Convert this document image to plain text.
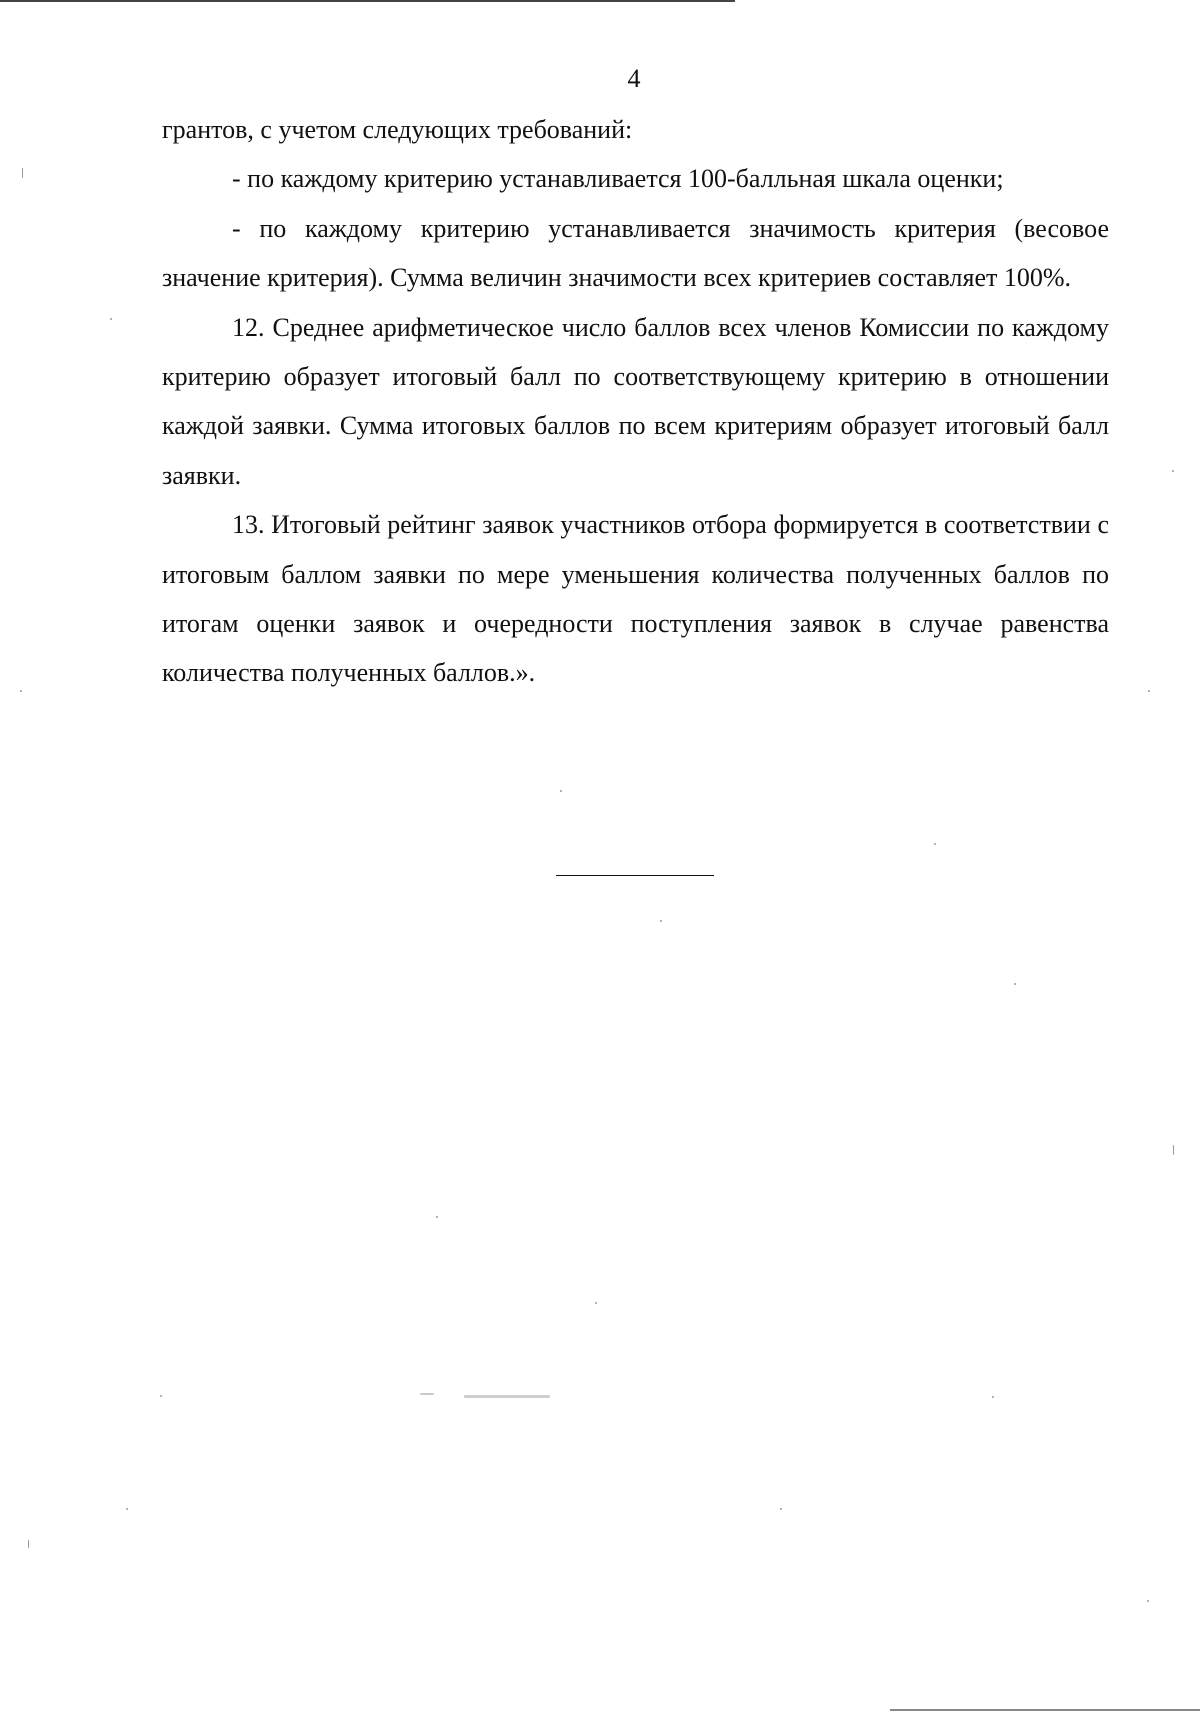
4

грантов, с учетом следующих требований:

- по каждому критерию устанавливается 100-балльная шкала оценки;

- по каждому критерию устанавливается значимость критерия (весовое значение критерия). Сумма величин значимости всех критериев составляет 100%.

12. Среднее арифметическое число баллов всех членов Комиссии по каждому критерию образует итоговый балл по соответствующему критерию в отношении каждой заявки. Сумма итоговых баллов по всем критериям образует итоговый балл заявки.

13. Итоговый рейтинг заявок участников отбора формируется в соответствии с итоговым баллом заявки по мере уменьшения количества полученных баллов по итогам оценки заявок и очередности поступления заявок в случае равенства количества полученных баллов.».
